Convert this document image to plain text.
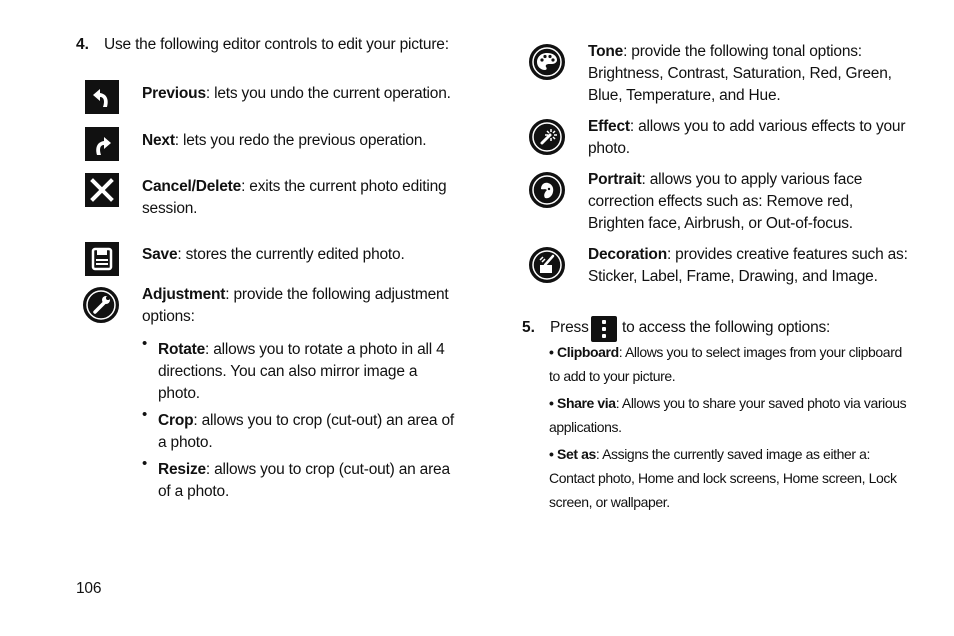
4. Use the following editor controls to edit your picture:
Previous: lets you undo the current operation.
Next: lets you redo the previous operation.
Cancel/Delete: exits the current photo editing session.
Save: stores the currently edited photo.
Adjustment: provide the following adjustment options:
• Rotate: allows you to rotate a photo in all 4 directions. You can also mirror image a photo.
• Crop: allows you to crop (cut-out) an area of a photo.
• Resize: allows you to crop (cut-out) an area of a photo.
Tone: provide the following tonal options: Brightness, Contrast, Saturation, Red, Green, Blue, Temperature, and Hue.
Effect: allows you to add various effects to your photo.
Portrait: allows you to apply various face correction effects such as: Remove red, Brighten face, Airbrush, or Out-of-focus.
Decoration: provides creative features such as: Sticker, Label, Frame, Drawing, and Image.
5. Press to access the following options:
• Clipboard: Allows you to select images from your clipboard to add to your picture.
• Share via: Allows you to share your saved photo via various applications.
• Set as: Assigns the currently saved image as either a: Contact photo, Home and lock screens, Home screen, Lock screen, or wallpaper.
106
